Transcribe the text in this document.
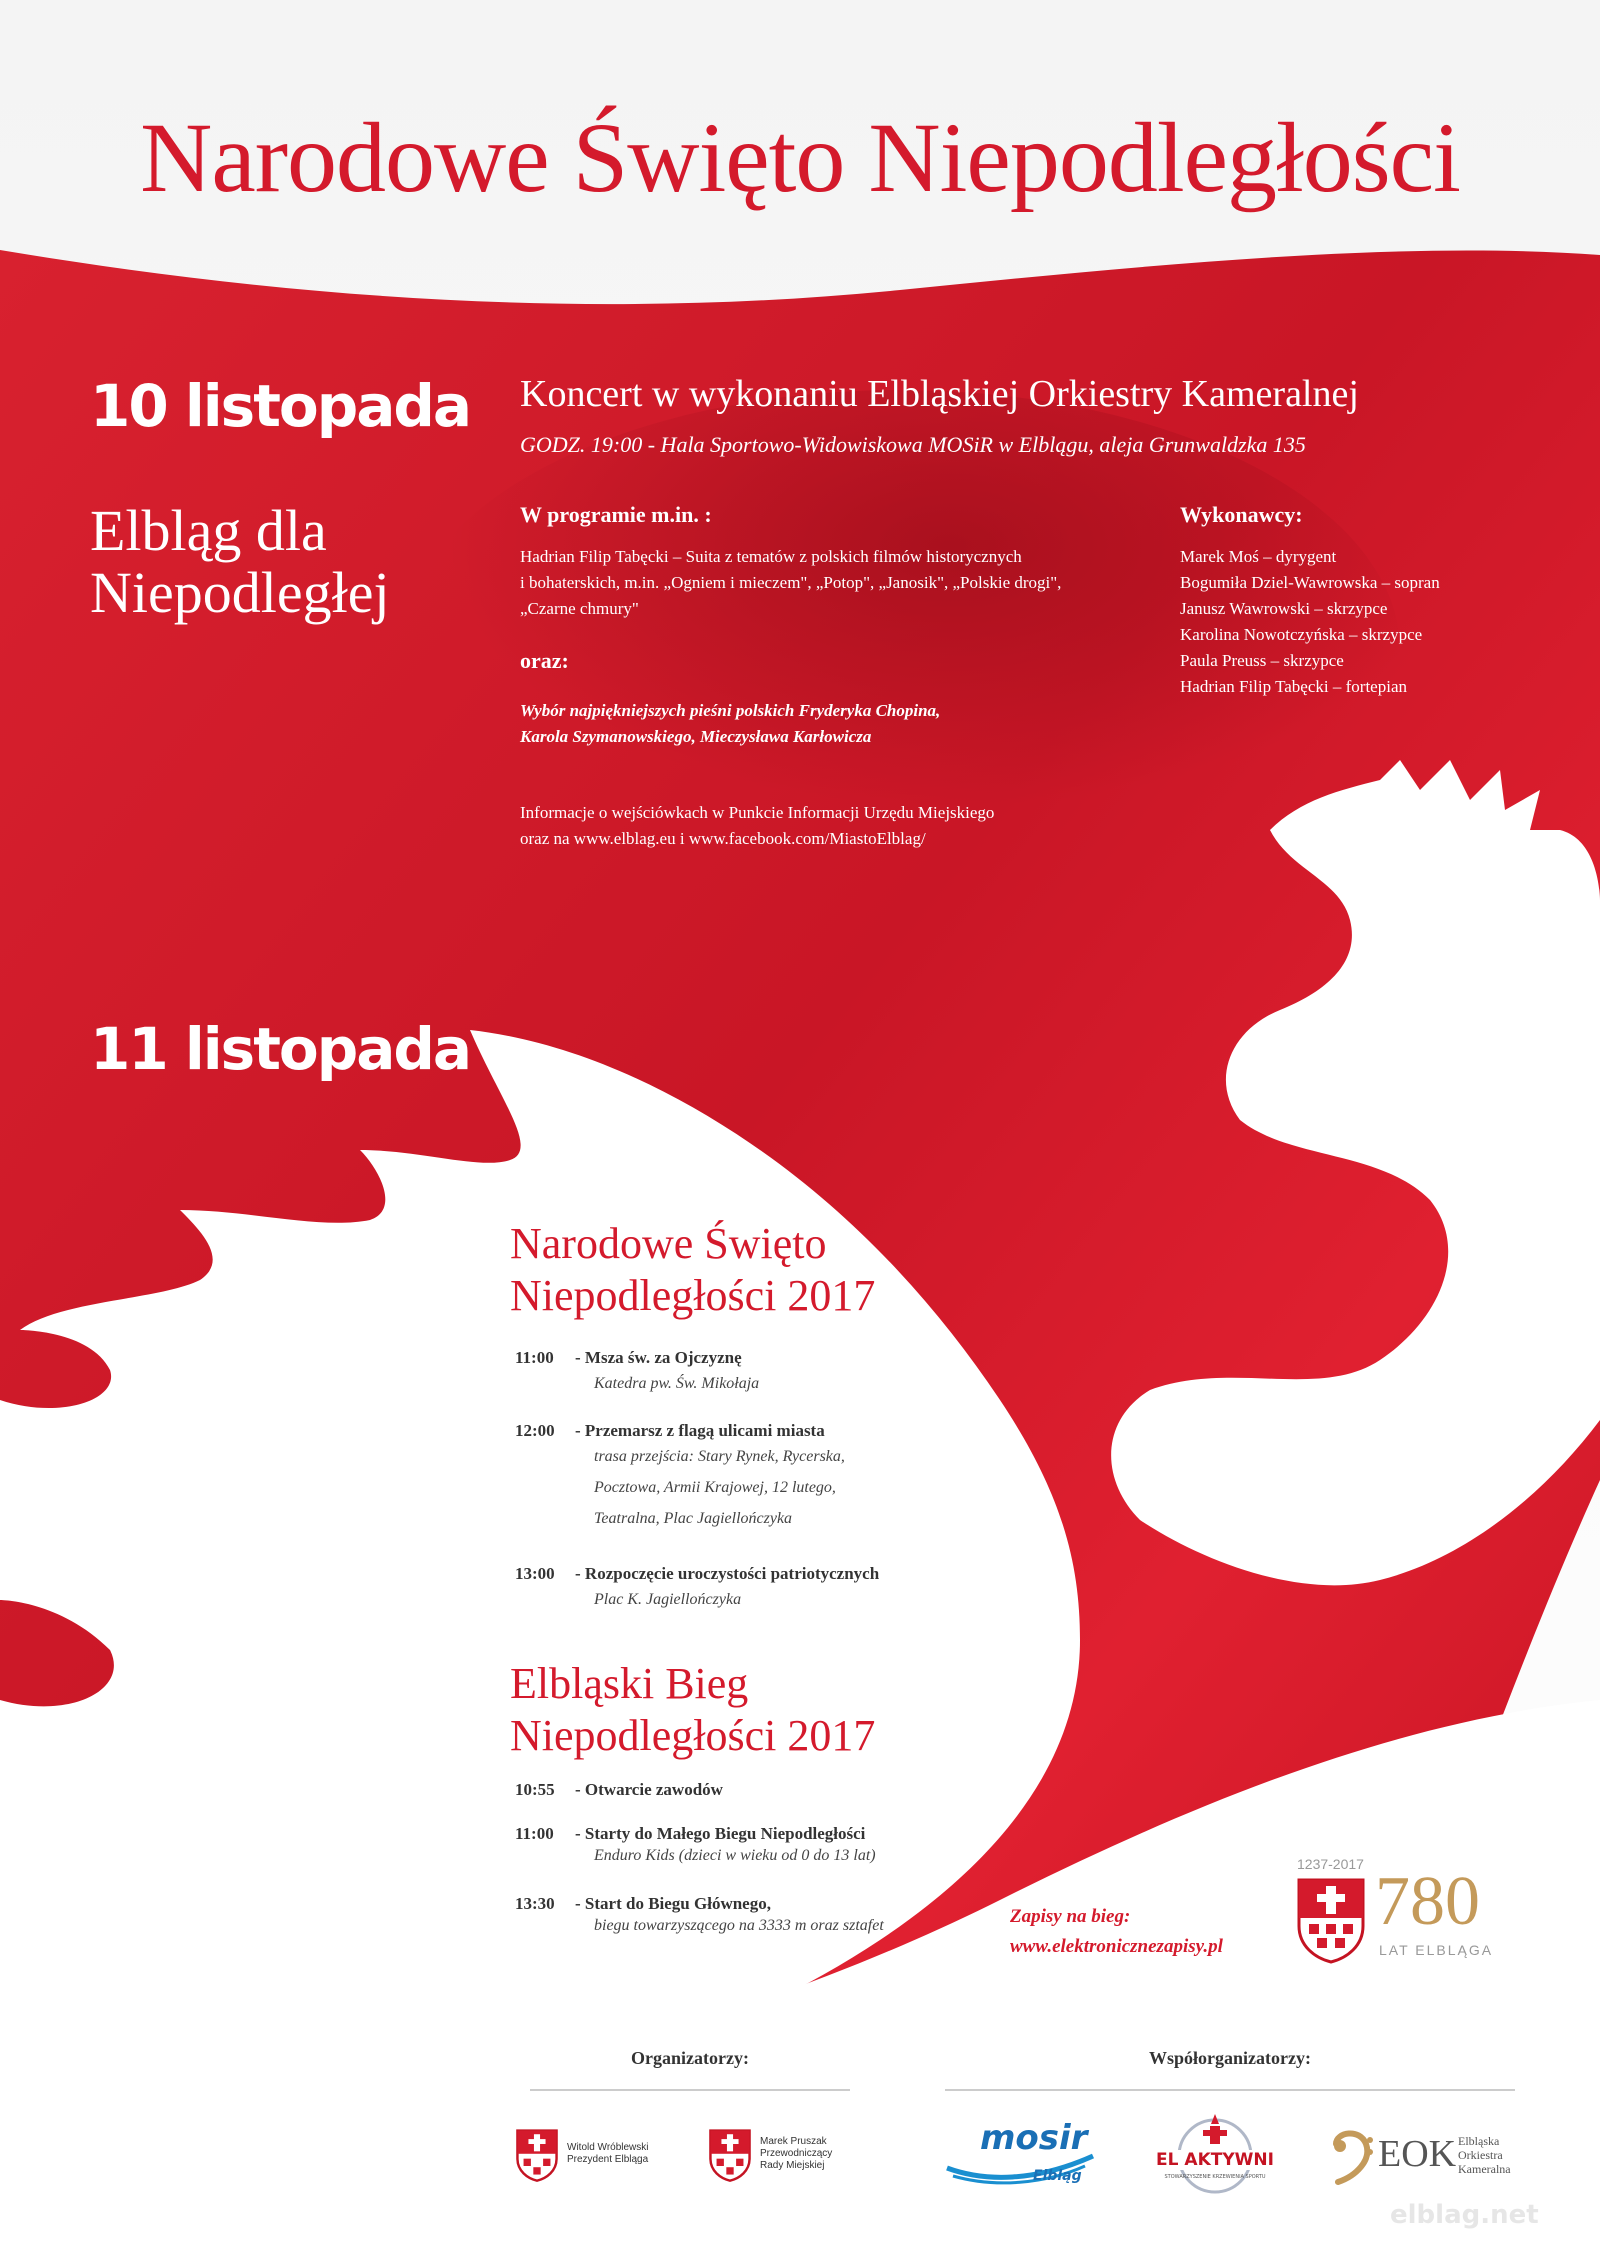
Narodowe Święto Niepodległości
10 listopada
Elbląg dla
Niepodległej
Koncert w wykonaniu Elbląskiej Orkiestry Kameralnej
GODZ. 19:00 - Hala Sportowo-Widowiskowa MOSiR w Elblągu, aleja Grunwaldzka 135
W programie m.in. :
Hadrian Filip Tabęcki – Suita z tematów z polskich filmów historycznych
i bohaterskich, m.in. „Ogniem i mieczem", „Potop", „Janosik", „Polskie drogi",
„Czarne chmury"
oraz:
Wybór najpiękniejszych pieśni polskich Fryderyka Chopina,
Karola Szymanowskiego, Mieczysława Karłowicza
Informacje o wejściówkach w Punkcie Informacji Urzędu Miejskiego
oraz na www.elblag.eu i www.facebook.com/MiastoElblag/
Wykonawcy:
Marek Moś – dyrygent
Bogumiła Dziel-Wawrowska – sopran
Janusz Wawrowski – skrzypce
Karolina Nowotczyńska – skrzypce
Paula Preuss – skrzypce
Hadrian Filip Tabęcki – fortepian
11 listopada
Narodowe Święto
Niepodległości 2017
11:00	- Msza św. za Ojczyznę
Katedra pw. Św. Mikołaja
12:00	- Przemarsz z flagą ulicami miasta
trasa przejścia: Stary Rynek, Rycerska,
Pocztowa, Armii Krajowej, 12 lutego,
Teatralna, Plac Jagiellończyka
13:00	- Rozpoczęcie uroczystości patriotycznych
Plac K. Jagiellończyka
Elbląski Bieg
Niepodległości 2017
10:55	- Otwarcie zawodów
11:00	- Starty do Małego Biegu Niepodległości
Enduro Kids (dzieci w wieku od 0 do 13 lat)
13:30	- Start do Biegu Głównego,
biegu towarzyszącego na 3333 m oraz sztafet	Zapisy na bieg:
www.elektronicznezapisy.pl
1237-2017 780
LAT ELBLĄGA
Organizatorzy:	Współorganizatorzy:
Witold Wróblewski
Prezydent Elbląga
Marek Pruszak
Przewodniczący
Rady Miejskiej
mosir
Elbląg
EL AKTYWNI
STOWARZYSZENIE KRZEWIENIA SPORTU
EOK Elbląska
Orkiestra
Kameralna
elblag.net
